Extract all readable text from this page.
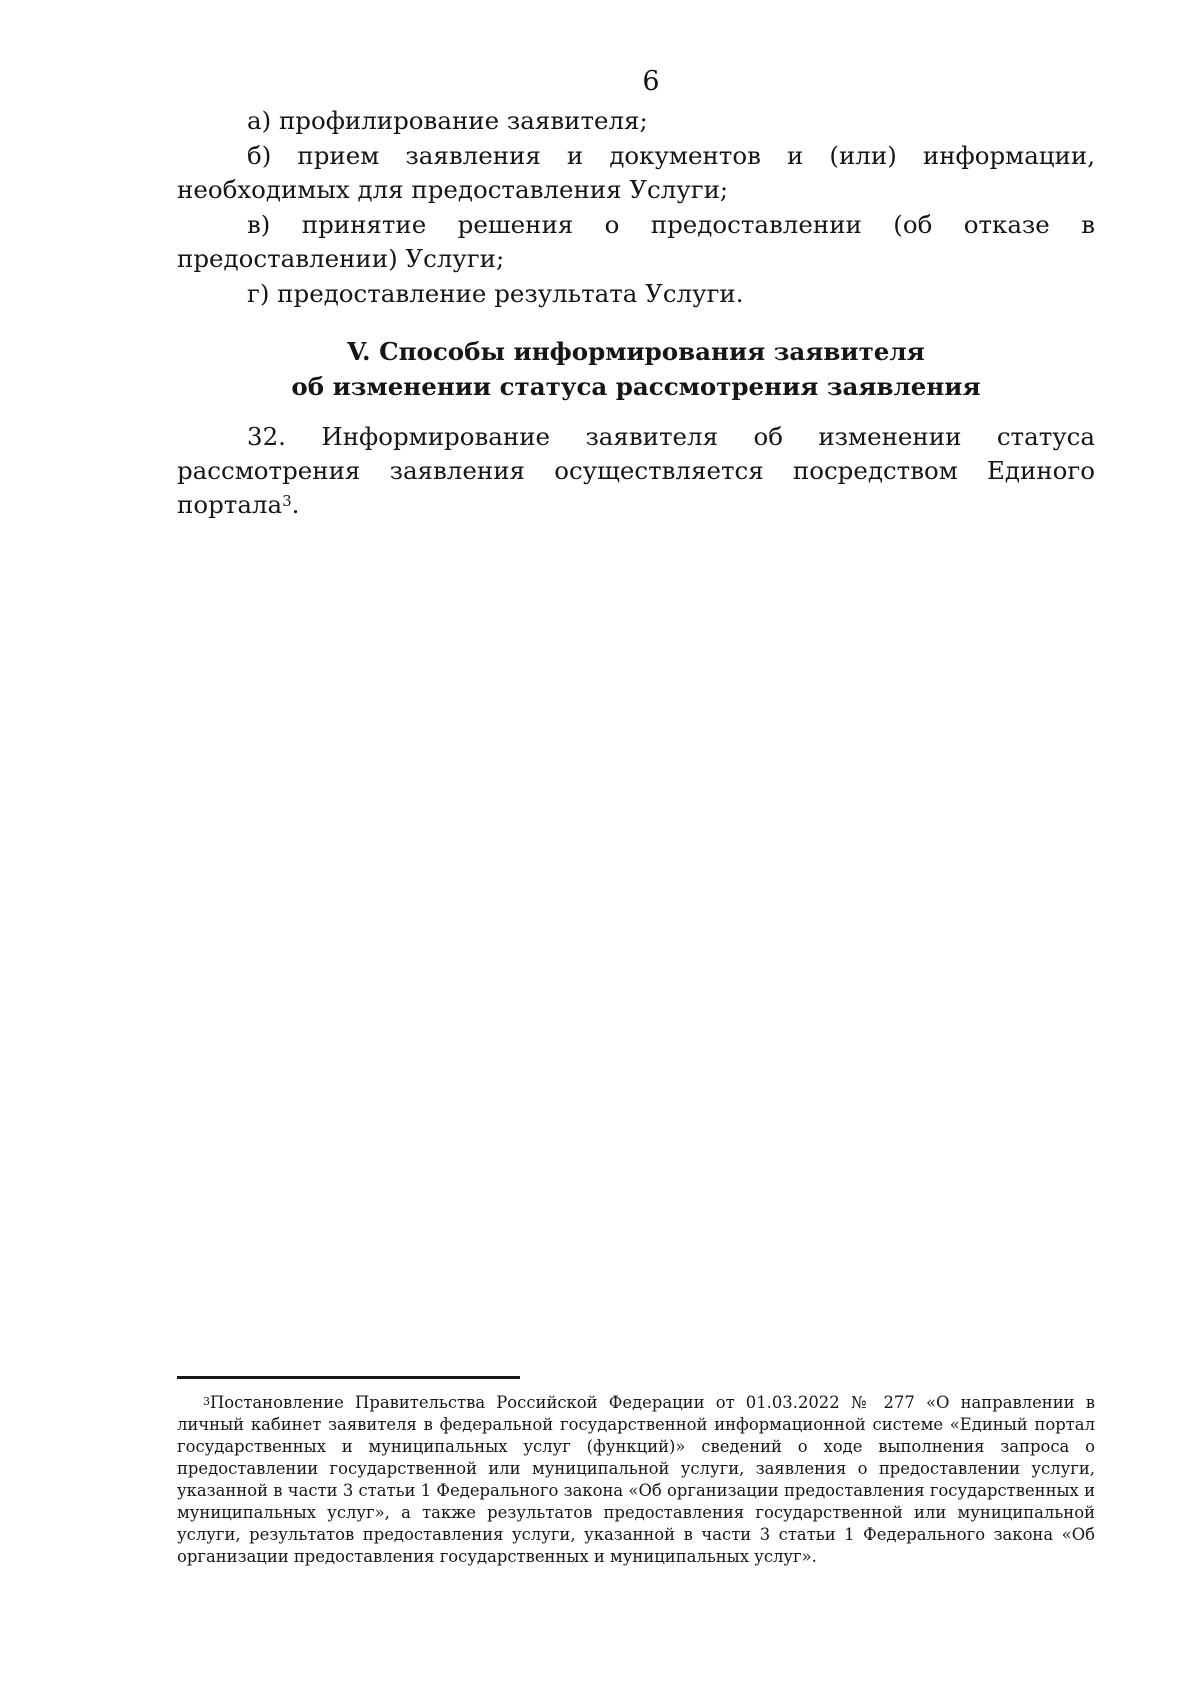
6

а) профилирование заявителя;

б) прием заявления и документов и (или) информации, необходимых для предоставления Услуги;

в) принятие решения о предоставлении (об отказе в предоставлении) Услуги;

г) предоставление результата Услуги.

V. Способы информирования заявителя
об изменении статуса рассмотрения заявления

32. Информирование заявителя об изменении статуса рассмотрения заявления осуществляется посредством Единого портала$^3$.

$^3$Постановление Правительства Российской Федерации от 01.03.2022 № 277 «О направлении в личный кабинет заявителя в федеральной государственной информационной системе «Единый портал государственных и муниципальных услуг (функций)» сведений о ходе выполнения запроса о предоставлении государственной или муниципальной услуги, заявления о предоставлении услуги, указанной в части 3 статьи 1 Федерального закона «Об организации предоставления государственных и муниципальных услуг», а также результатов предоставления государственной или муниципальной услуги, результатов предоставления услуги, указанной в части 3 статьи 1 Федерального закона «Об организации предоставления государственных и муниципальных услуг».
